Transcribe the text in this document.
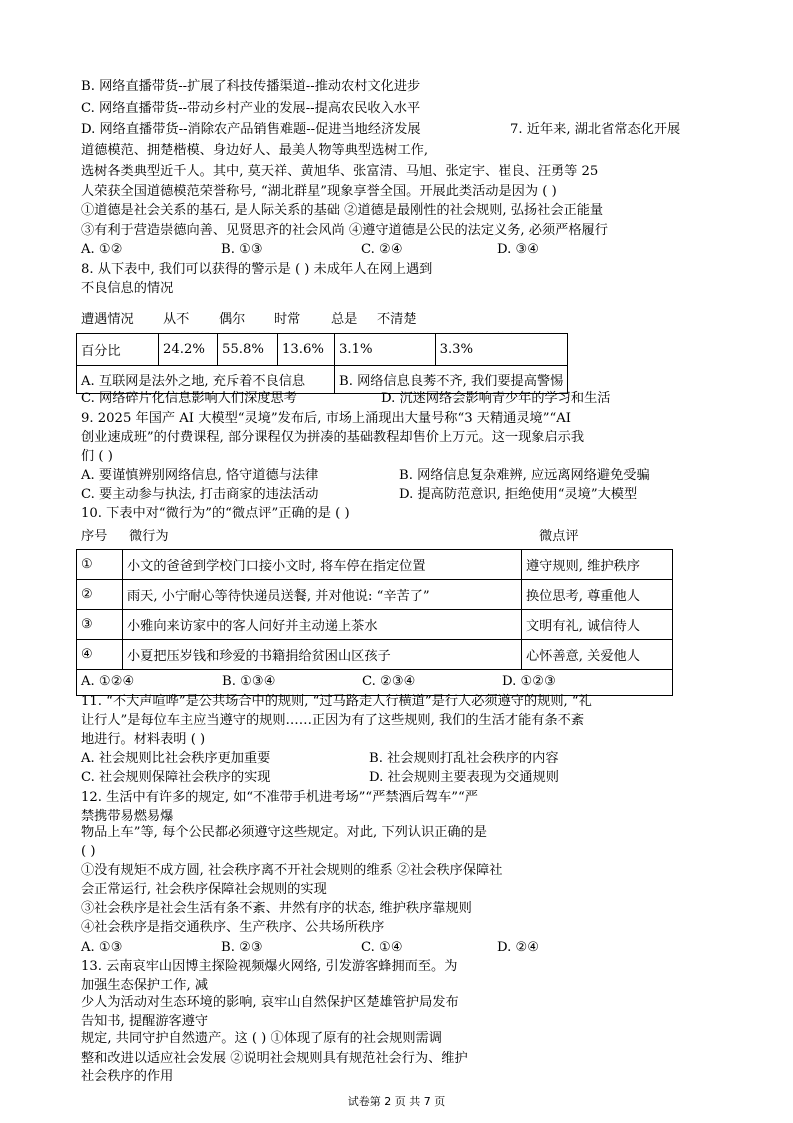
B. 网络直播带货--扩展了科技传播渠道--推动农村文化进步
C. 网络直播带货--带动乡村产业的发展--提高农民收入水平
D. 网络直播带货--消除农产品销售难题--促进当地经济发展	7. 近年来, 湖北省常态化开展
道德模范、拥楚楷模、身边好人、最美人物等典型选树工作,
选树各类典型近千人。其中, 莫天祥、黄旭华、张富清、马旭、张定宇、崔良、汪勇等 25
人荣获全国道德模范荣誉称号, “湖北群星”现象享誉全国。开展此类活动是因为 ( )
①道德是社会关系的基石, 是人际关系的基础 ②道德是最刚性的社会规则, 弘扬社会正能量
③有利于营造崇德向善、见贤思齐的社会风尚 ④遵守道德是公民的法定义务, 必须严格履行
A. ①②	B. ①③	C. ②④	D. ③④
8. 从下表中, 我们可以获得的警示是 ( ) 未成年人在网上遇到
不良信息的情况
遭遇情况 从不 偶尔 时常 总是 不清楚
百分比	24.2%	55.8%	13.6%	3.1%	3.3%
A. 互联网是法外之地, 充斥着不良信息				B. 网络信息良莠不齐, 我们要提高警惕	
C. 网络碎片化信息影响人们深度思考	D. 沉迷网络会影响青少年的学习和生活
9. 2025 年国产 AI 大模型“灵境”发布后, 市场上涌现出大量号称“3 天精通灵境”“AI
创业速成班”的付费课程, 部分课程仅为拼凑的基础教程却售价上万元。这一现象启示我
们 ( )
A. 要谨慎辨别网络信息, 恪守道德与法律	B. 网络信息复杂难辨, 应远离网络避免受骗
C. 要主动参与执法, 打击商家的违法活动	D. 提高防范意识, 拒绝使用“灵境”大模型
10. 下表中对“微行为”的“微点评”正确的是 ( )
序号 微行为	微点评
①	小文的爸爸到学校门口接小文时, 将车停在指定位置	遵守规则, 维护秩序
②	雨天, 小宁耐心等待快递员送餐, 并对他说: “辛苦了”	换位思考, 尊重他人
③	小雅向来访家中的客人问好并主动递上茶水	文明有礼, 诚信待人
④	小夏把压岁钱和珍爱的书籍捐给贫困山区孩子	心怀善意, 关爱他人

A. ①②④ B. ①③④ C. ②③④ D. ①②③		
11. “不大声喧哗”是公共场合中的规则, “过马路走人行横道”是行人必须遵守的规则, “礼
让行人”是每位车主应当遵守的规则……正因为有了这些规则, 我们的生活才能有条不紊
地进行。材料表明 ( )
A. 社会规则比社会秩序更加重要	B. 社会规则打乱社会秩序的内容
C. 社会规则保障社会秩序的实现	D. 社会规则主要表现为交通规则
12. 生活中有许多的规定, 如“不准带手机进考场”“严禁酒后驾车”“严
禁携带易燃易爆
物品上车”等, 每个公民都必须遵守这些规定。对此, 下列认识正确的是
( )
①没有规矩不成方圆, 社会秩序离不开社会规则的维系 ②社会秩序保障社
会正常运行, 社会秩序保障社会规则的实现
③社会秩序是社会生活有条不紊、井然有序的状态, 维护秩序靠规则
④社会秩序是指交通秩序、生产秩序、公共场所秩序
A. ①③	B. ②③	C. ①④	D. ②④
13. 云南哀牢山因博主探险视频爆火网络, 引发游客蜂拥而至。为
加强生态保护工作, 减
少人为活动对生态环境的影响, 哀牢山自然保护区楚雄管护局发布
告知书, 提醒游客遵守
规定, 共同守护自然遗产。这 ( ) ①体现了原有的社会规则需调
整和改进以适应社会发展 ②说明社会规则具有规范社会行为、维护
社会秩序的作用
试卷第 2 页 共 7 页
